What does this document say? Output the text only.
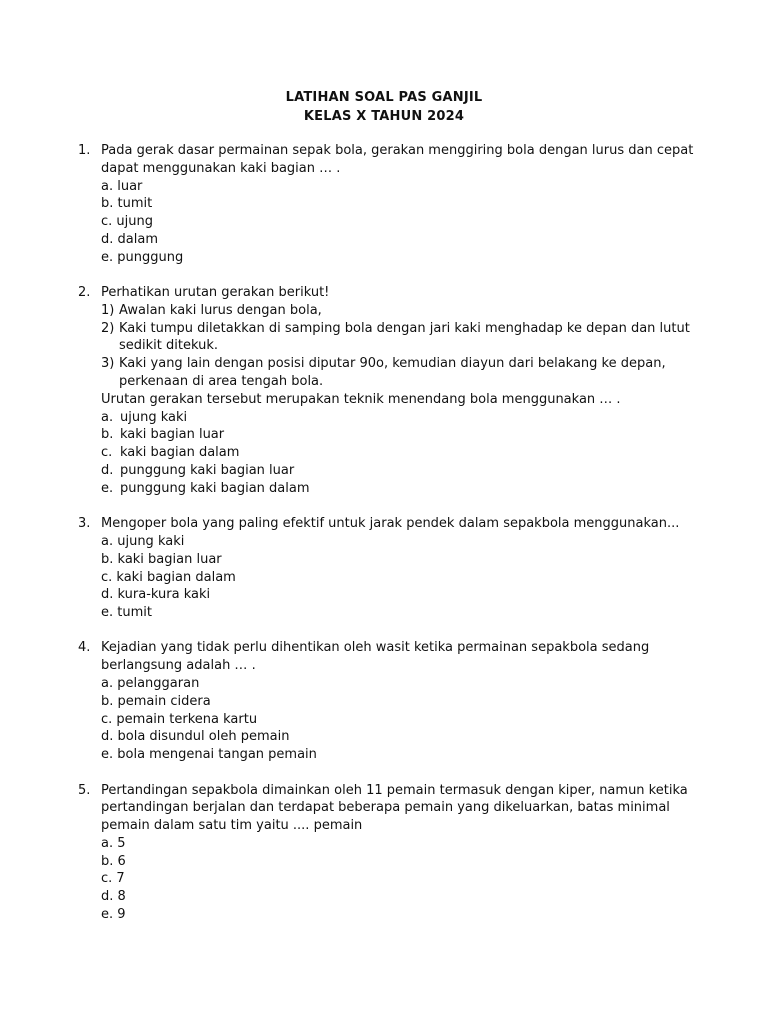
LATIHAN SOAL PAS GANJIL
KELAS X TAHUN 2024
1. Pada gerak dasar permainan sepak bola, gerakan menggiring bola dengan lurus dan cepat dapat menggunakan kaki bagian … .
a. luar
b. tumit
c. ujung
d. dalam
e. punggung
2. Perhatikan urutan gerakan berikut!
1) Awalan kaki lurus dengan bola,
2) Kaki tumpu diletakkan di samping bola dengan jari kaki menghadap ke depan dan lutut sedikit ditekuk.
3) Kaki yang lain dengan posisi diputar 90o, kemudian diayun dari belakang ke depan, perkenaan di area tengah bola.
Urutan gerakan tersebut merupakan teknik menendang bola menggunakan … .
a. ujung kaki
b. kaki bagian luar
c. kaki bagian dalam
d. punggung kaki bagian luar
e. punggung kaki bagian dalam
3. Mengoper bola yang paling efektif untuk jarak pendek dalam sepakbola menggunakan...
a. ujung kaki
b. kaki bagian luar
c. kaki bagian dalam
d. kura-kura kaki
e. tumit
4. Kejadian yang tidak perlu dihentikan oleh wasit ketika permainan sepakbola sedang berlangsung adalah … .
a. pelanggaran
b. pemain cidera
c. pemain terkena kartu
d. bola disundul oleh pemain
e. bola mengenai tangan pemain
5. Pertandingan sepakbola dimainkan oleh 11 pemain termasuk dengan kiper, namun ketika pertandingan berjalan dan terdapat beberapa pemain yang dikeluarkan, batas minimal pemain dalam satu tim yaitu .... pemain
a. 5
b. 6
c. 7
d. 8
e. 9
